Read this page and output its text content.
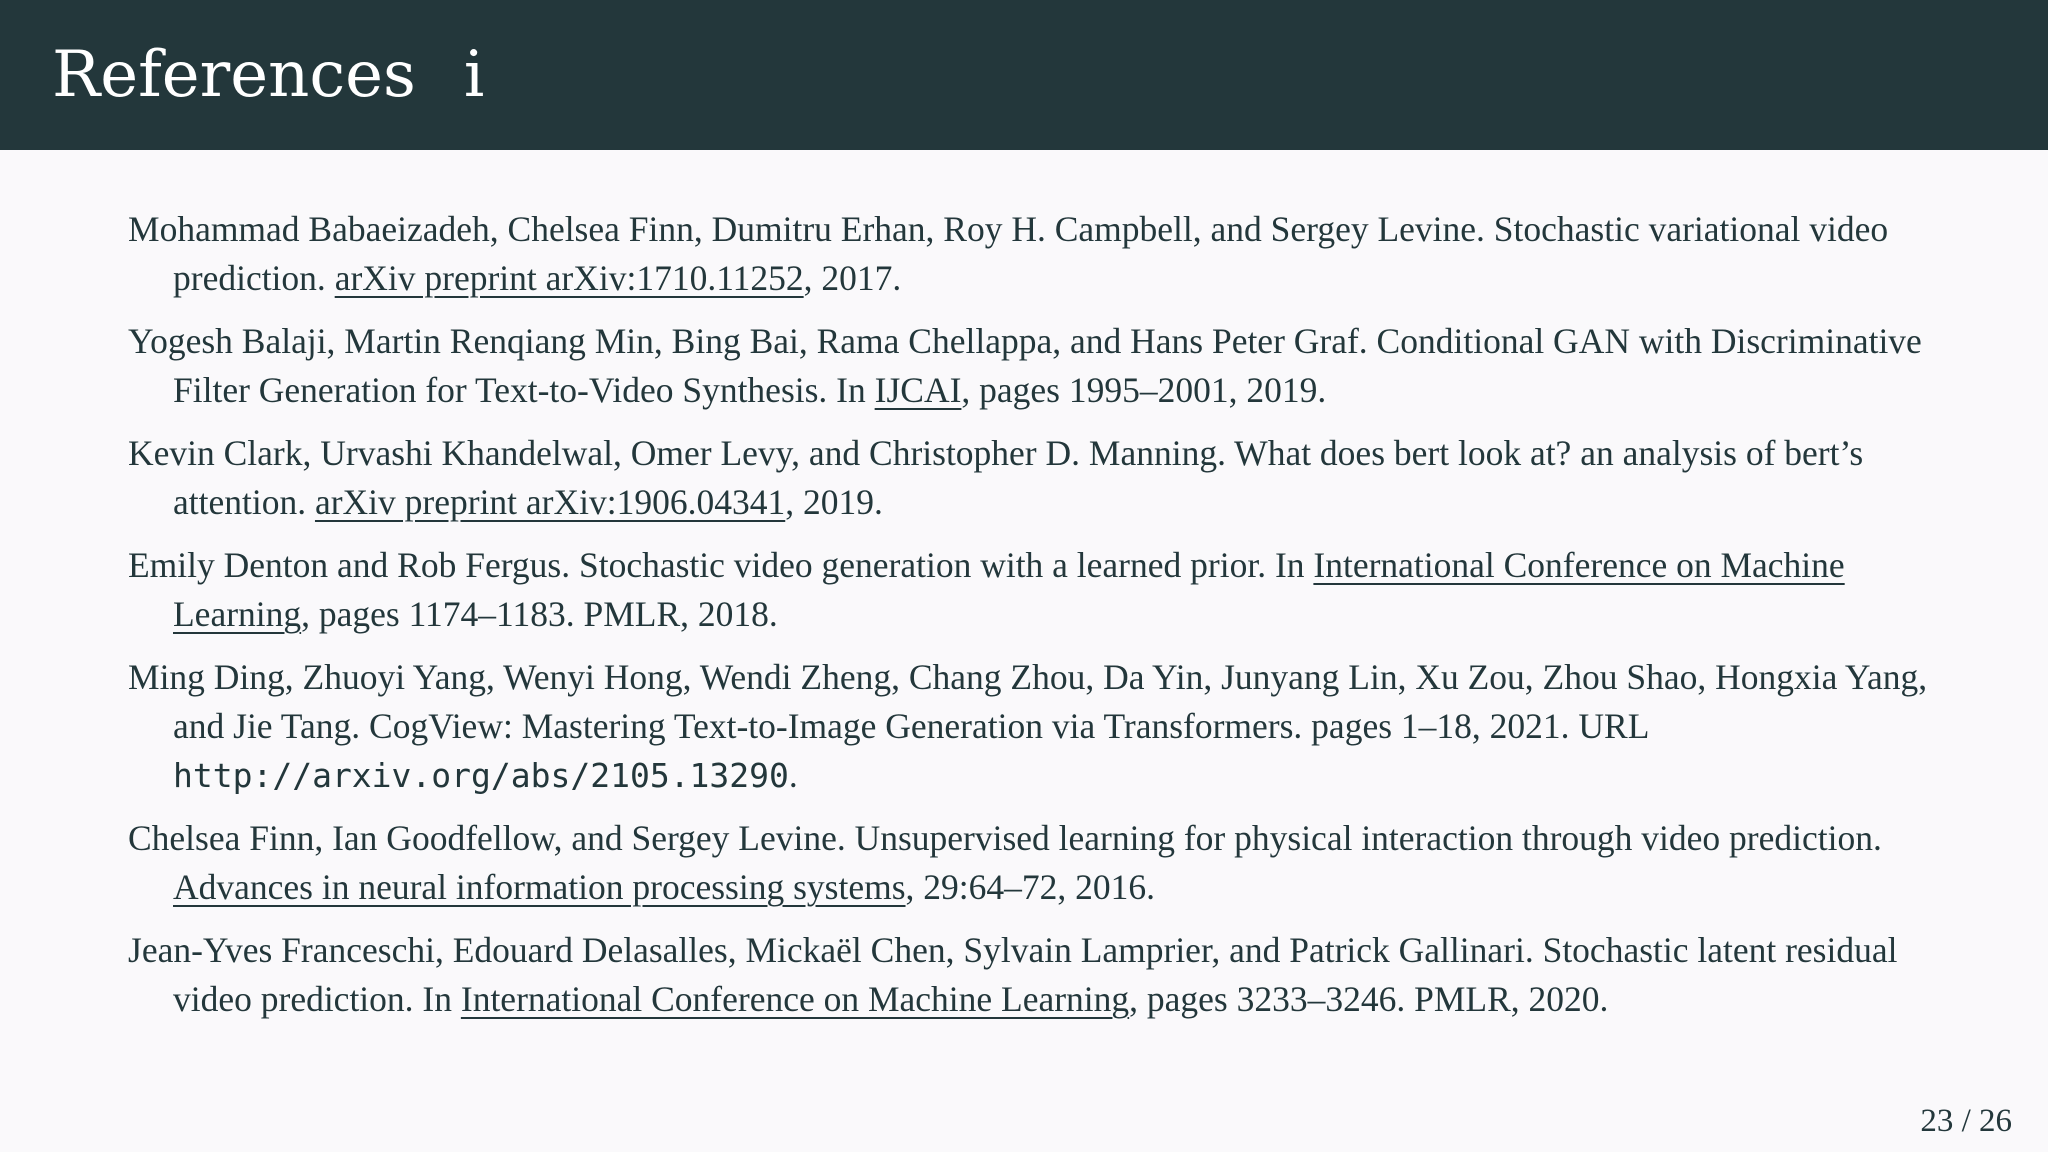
References i
Mohammad Babaeizadeh, Chelsea Finn, Dumitru Erhan, Roy H. Campbell, and Sergey Levine. Stochastic variational video prediction. arXiv preprint arXiv:1710.11252, 2017.
Yogesh Balaji, Martin Renqiang Min, Bing Bai, Rama Chellappa, and Hans Peter Graf. Conditional GAN with Discriminative Filter Generation for Text-to-Video Synthesis. In IJCAI, pages 1995–2001, 2019.
Kevin Clark, Urvashi Khandelwal, Omer Levy, and Christopher D. Manning. What does bert look at? an analysis of bert’s attention. arXiv preprint arXiv:1906.04341, 2019.
Emily Denton and Rob Fergus. Stochastic video generation with a learned prior. In International Conference on Machine Learning, pages 1174–1183. PMLR, 2018.
Ming Ding, Zhuoyi Yang, Wenyi Hong, Wendi Zheng, Chang Zhou, Da Yin, Junyang Lin, Xu Zou, Zhou Shao, Hongxia Yang, and Jie Tang. CogView: Mastering Text-to-Image Generation via Transformers. pages 1–18, 2021. URL http://arxiv.org/abs/2105.13290.
Chelsea Finn, Ian Goodfellow, and Sergey Levine. Unsupervised learning for physical interaction through video prediction. Advances in neural information processing systems, 29:64–72, 2016.
Jean-Yves Franceschi, Edouard Delasalles, Mickaël Chen, Sylvain Lamprier, and Patrick Gallinari. Stochastic latent residual video prediction. In International Conference on Machine Learning, pages 3233–3246. PMLR, 2020.
23 / 26
